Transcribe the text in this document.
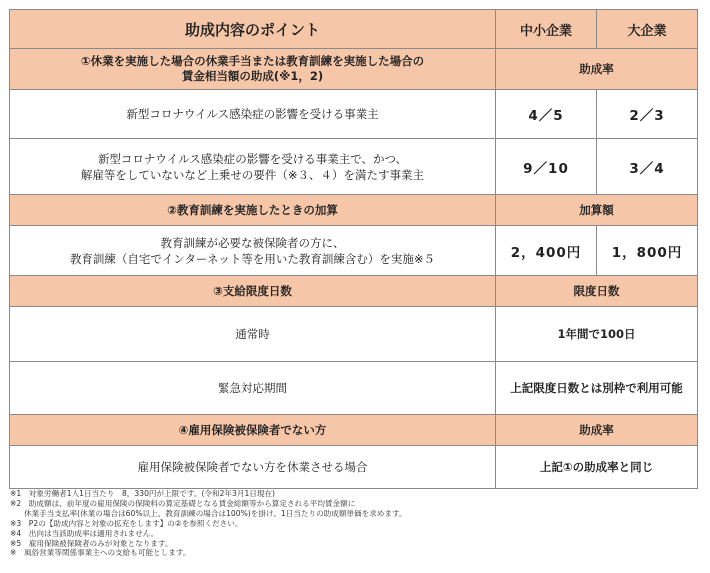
助成内容のポイント	中小企業	大企業

①休業を実施した場合の休業手当または教育訓練を実施した場合の
賃金相当額の助成(※1，2)	助成率	

新型コロナウイルス感染症の影響を受ける事業主	4／5	2／3

新型コロナウイルス感染症の影響を受ける事業主で、かつ、
解雇等をしていないなど上乗せの要件（※３、４）を満たす事業主	9／10	3／4
②教育訓練を実施したときの加算	加算額	

教育訓練が必要な被保険者の方に、
教育訓練（自宅でインターネット等を用いた教育訓練含む）を実施※５	2，400円	1，800円
③支給限度日数	限度日数	
通常時	1年間で100日	
緊急対応期間	上記限度日数とは別枠で利用可能	
④雇用保険被保険者でない方	助成率	
雇用保険被保険者でない方を休業させる場合	上記①の助成率と同じ	
※1　対象労働者1人1日当たり　8，330円が上限です。(令和2年3月1日現在)
※2　助成額は、前年度の雇用保険の保険料の算定基礎となる賃金総額等から算定される平均賃金額に
休業手当支払率(休業の場合は60%以上、教育訓練の場合は100%)を掛け、1日当たりの助成額単価を求めます。
※3　P2の【助成内容と対象の拡充をします】の②を参照ください。
※4　出向は当該助成率は適用されません。
※5　雇用保険被保険者のみが対象となります。
※　風俗営業等関係事業主への支給も可能とします。
